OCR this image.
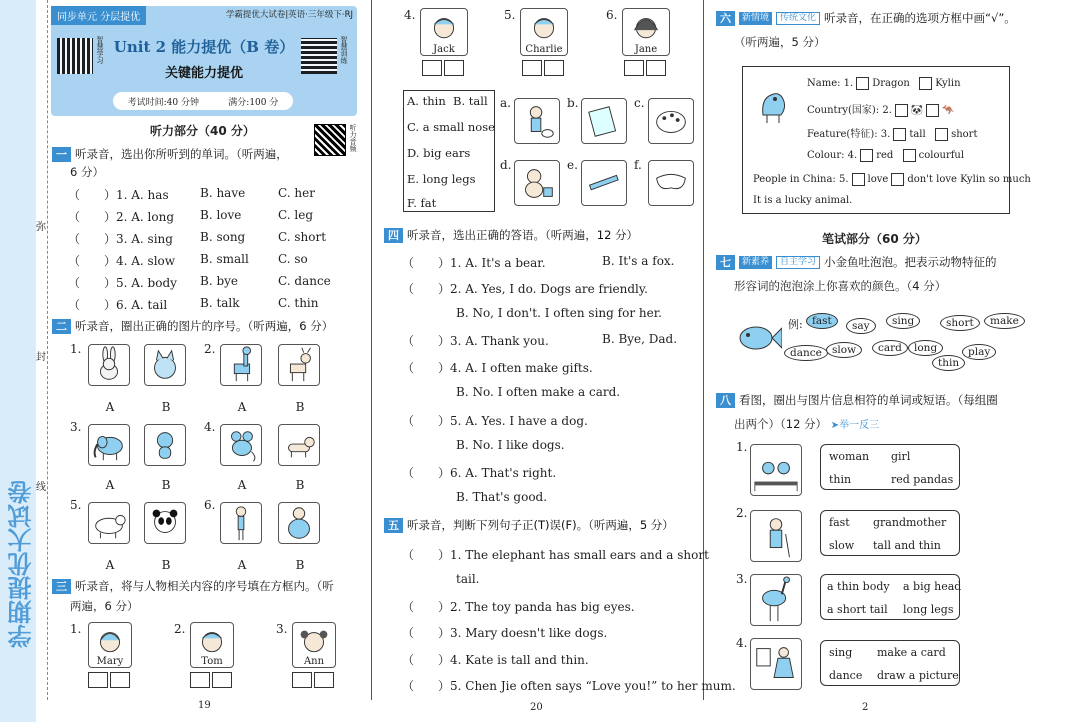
学期提优大试卷
弥
封
线
同步单元 分层提优	学霸提优大试卷|英语·三年级下·RJ
智慧学习 Unit 2 能力提优（B 卷）
关键能力提优
智慧训练
考试时间:40 分钟	满分:100 分
听力部分（40 分）	听力音频
一 听录音，选出你所听到的单词。（听两遍，
6 分）
（　　）1. A. has	B. have	C. her
（　　）2. A. long B. love	C. leg
（　　）3. A. sing B. song	C. short
（　　）4. A. slow B. small C. so
（　　）5. A. body B. bye	C. dance
（　　）6. A. tail	B. talk	C. thin
二 听录音，圈出正确的图片的序号。（听两遍，6 分）
1.	2.
A	B	A	B
3.	4.
A	B	A	B
5.	6.
A	B	A	B
三 听录音，将与人物相关内容的序号填在方框内。（听
两遍，6 分）
1.
Mary
2.
Tom
3.
Ann
19
4.
Jack
5.
Charlie
6.
Jane
A. thin B. tall
C. a small nose
D. big ears
E. long legs
F. fat
a.	b.	c.
d.	e.	f.
四 听录音，选出正确的答语。（听两遍，12 分）
（　　）1. A. It's a bear.	B. It's a fox.
（　　）2. A. Yes, I do. Dogs are friendly.
B. No, I don't. I often sing for her.
（　　）3. A. Thank you.	B. Bye, Dad.
（　　）4. A. I often make gifts.
B. No. I often make a card.
（　　）5. A. Yes. I have a dog.
B. No. I like dogs.
（　　）6. A. That's right.
B. That's good.
五 听录音，判断下列句子正(T)误(F)。（听两遍，5 分）
（　　）1. The elephant has small ears and a short
tail.
（　　）2. The toy panda has big eyes.
（　　）3. Mary doesn't like dogs.
（　　）4. Kate is tall and thin.
（　　）5. Chen Jie often says “Love you!” to her mum.
20
六	新情境	传统文化 听录音，在正确的选项方框中画“√”。
（听两遍，5 分）
Name: 1. Dragon	Kylin
Country(国家): 2. 🐼 🦘
Feature(特征): 3. tall	short
Colour: 4. red	colourful
People in China: 5. love don't love Kylin so much
It is a lucky animal.
笔试部分（60 分）
七	新素养	自主学习 小金鱼吐泡泡。把表示动物特征的
形容词的泡泡涂上你喜欢的颜色。（4 分）
例: fast	say	sing	short	make
dance slow	card	long	play
thin
八 看图，圈出与图片信息相符的单词或短语。（每组圈
出两个）（12 分） ➤举一反三
1.
woman girl
thin	red pandas
2.
fast grandmother
slow tall and thin
3.
a thin body a big head
a short tail long legs
4.
sing make a card
dance draw a picture
2
